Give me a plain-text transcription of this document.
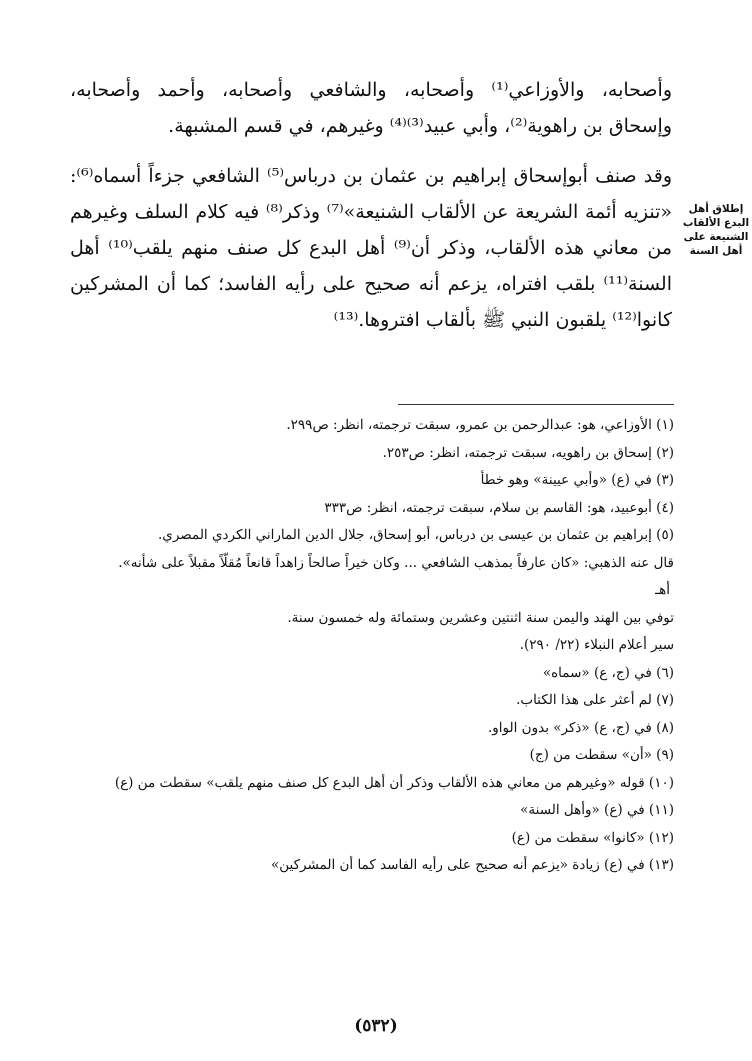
وأصحابه، والأوزاعي⁽¹⁾ وأصحابه، والشافعي وأصحابه، وأحمد وأصحابه، وإسحاق بن راهوية⁽²⁾، وأبي عبيد⁽³⁾⁽⁴⁾ وغيرهم، في قسم المشبهة.

وقد صنف أبوإسحاق إبراهيم بن عثمان بن درباس⁽⁵⁾ الشافعي جزءاً أسماه⁽⁶⁾: «تنزيه أئمة الشريعة عن الألقاب الشنيعة»⁽⁷⁾ وذكر⁽⁸⁾ فيه كلام السلف وغيرهم من معاني هذه الألقاب، وذكر أن⁽⁹⁾ أهل البدع كل صنف منهم يلقب⁽¹⁰⁾ أهل السنة⁽¹¹⁾ بلقب افتراه، يزعم أنه صحيح على رأيه الفاسد؛ كما أن المشركين كانوا⁽¹²⁾ يلقبون النبي ﷺ بألقاب افتروها.⁽¹³⁾

إطلاق أهل
البدع الألقاب
الشنيعة على
أهل السنة

(١) الأوزاعي، هو: عبدالرحمن بن عمرو، سبقت ترجمته، انظر: ص٢٩٩.

(٢) إسحاق بن راهويه، سبقت ترجمته، انظر: ص٢٥٣.

(٣) في (ع) «وأبي عيينة» وهو خطأ

(٤) أبوعبيد، هو: القاسم بن سلام، سبقت ترجمته، انظر: ص٣٣٣

(٥) إبراهيم بن عثمان بن عيسى بن درباس، أبو إسحاق، جلال الدين الماراني الكردي المصري.

قال عنه الذهبي: «كان عارفاً بمذهب الشافعي ... وكان خيراً صالحاً زاهداً قانعاً مُقلّاً مقبلاً على شأنه».

أهـ

توفي بين الهند واليمن سنة اثنتين وعشرين وستمائة وله خمسون سنة.

سير أعلام النبلاء (٢٢/ ٢٩٠).

(٦) في (ج، ع) «سماه»

(٧) لم أعثر على هذا الكتاب.

(٨) في (ج، ع) «ذكر» بدون الواو.

(٩) «أن» سقطت من (ج)

(١٠) قوله «وغيرهم من معاني هذه الألقاب وذكر أن أهل البدع كل صنف منهم يلقب» سقطت من (ع)

(١١) في (ع) «وأهل السنة»

(١٢) «كانوا» سقطت من (ع)

(١٣) في (ع) زيادة «يزعم أنه صحيح على رأيه الفاسد كما أن المشركين»

(٥٣٢)
